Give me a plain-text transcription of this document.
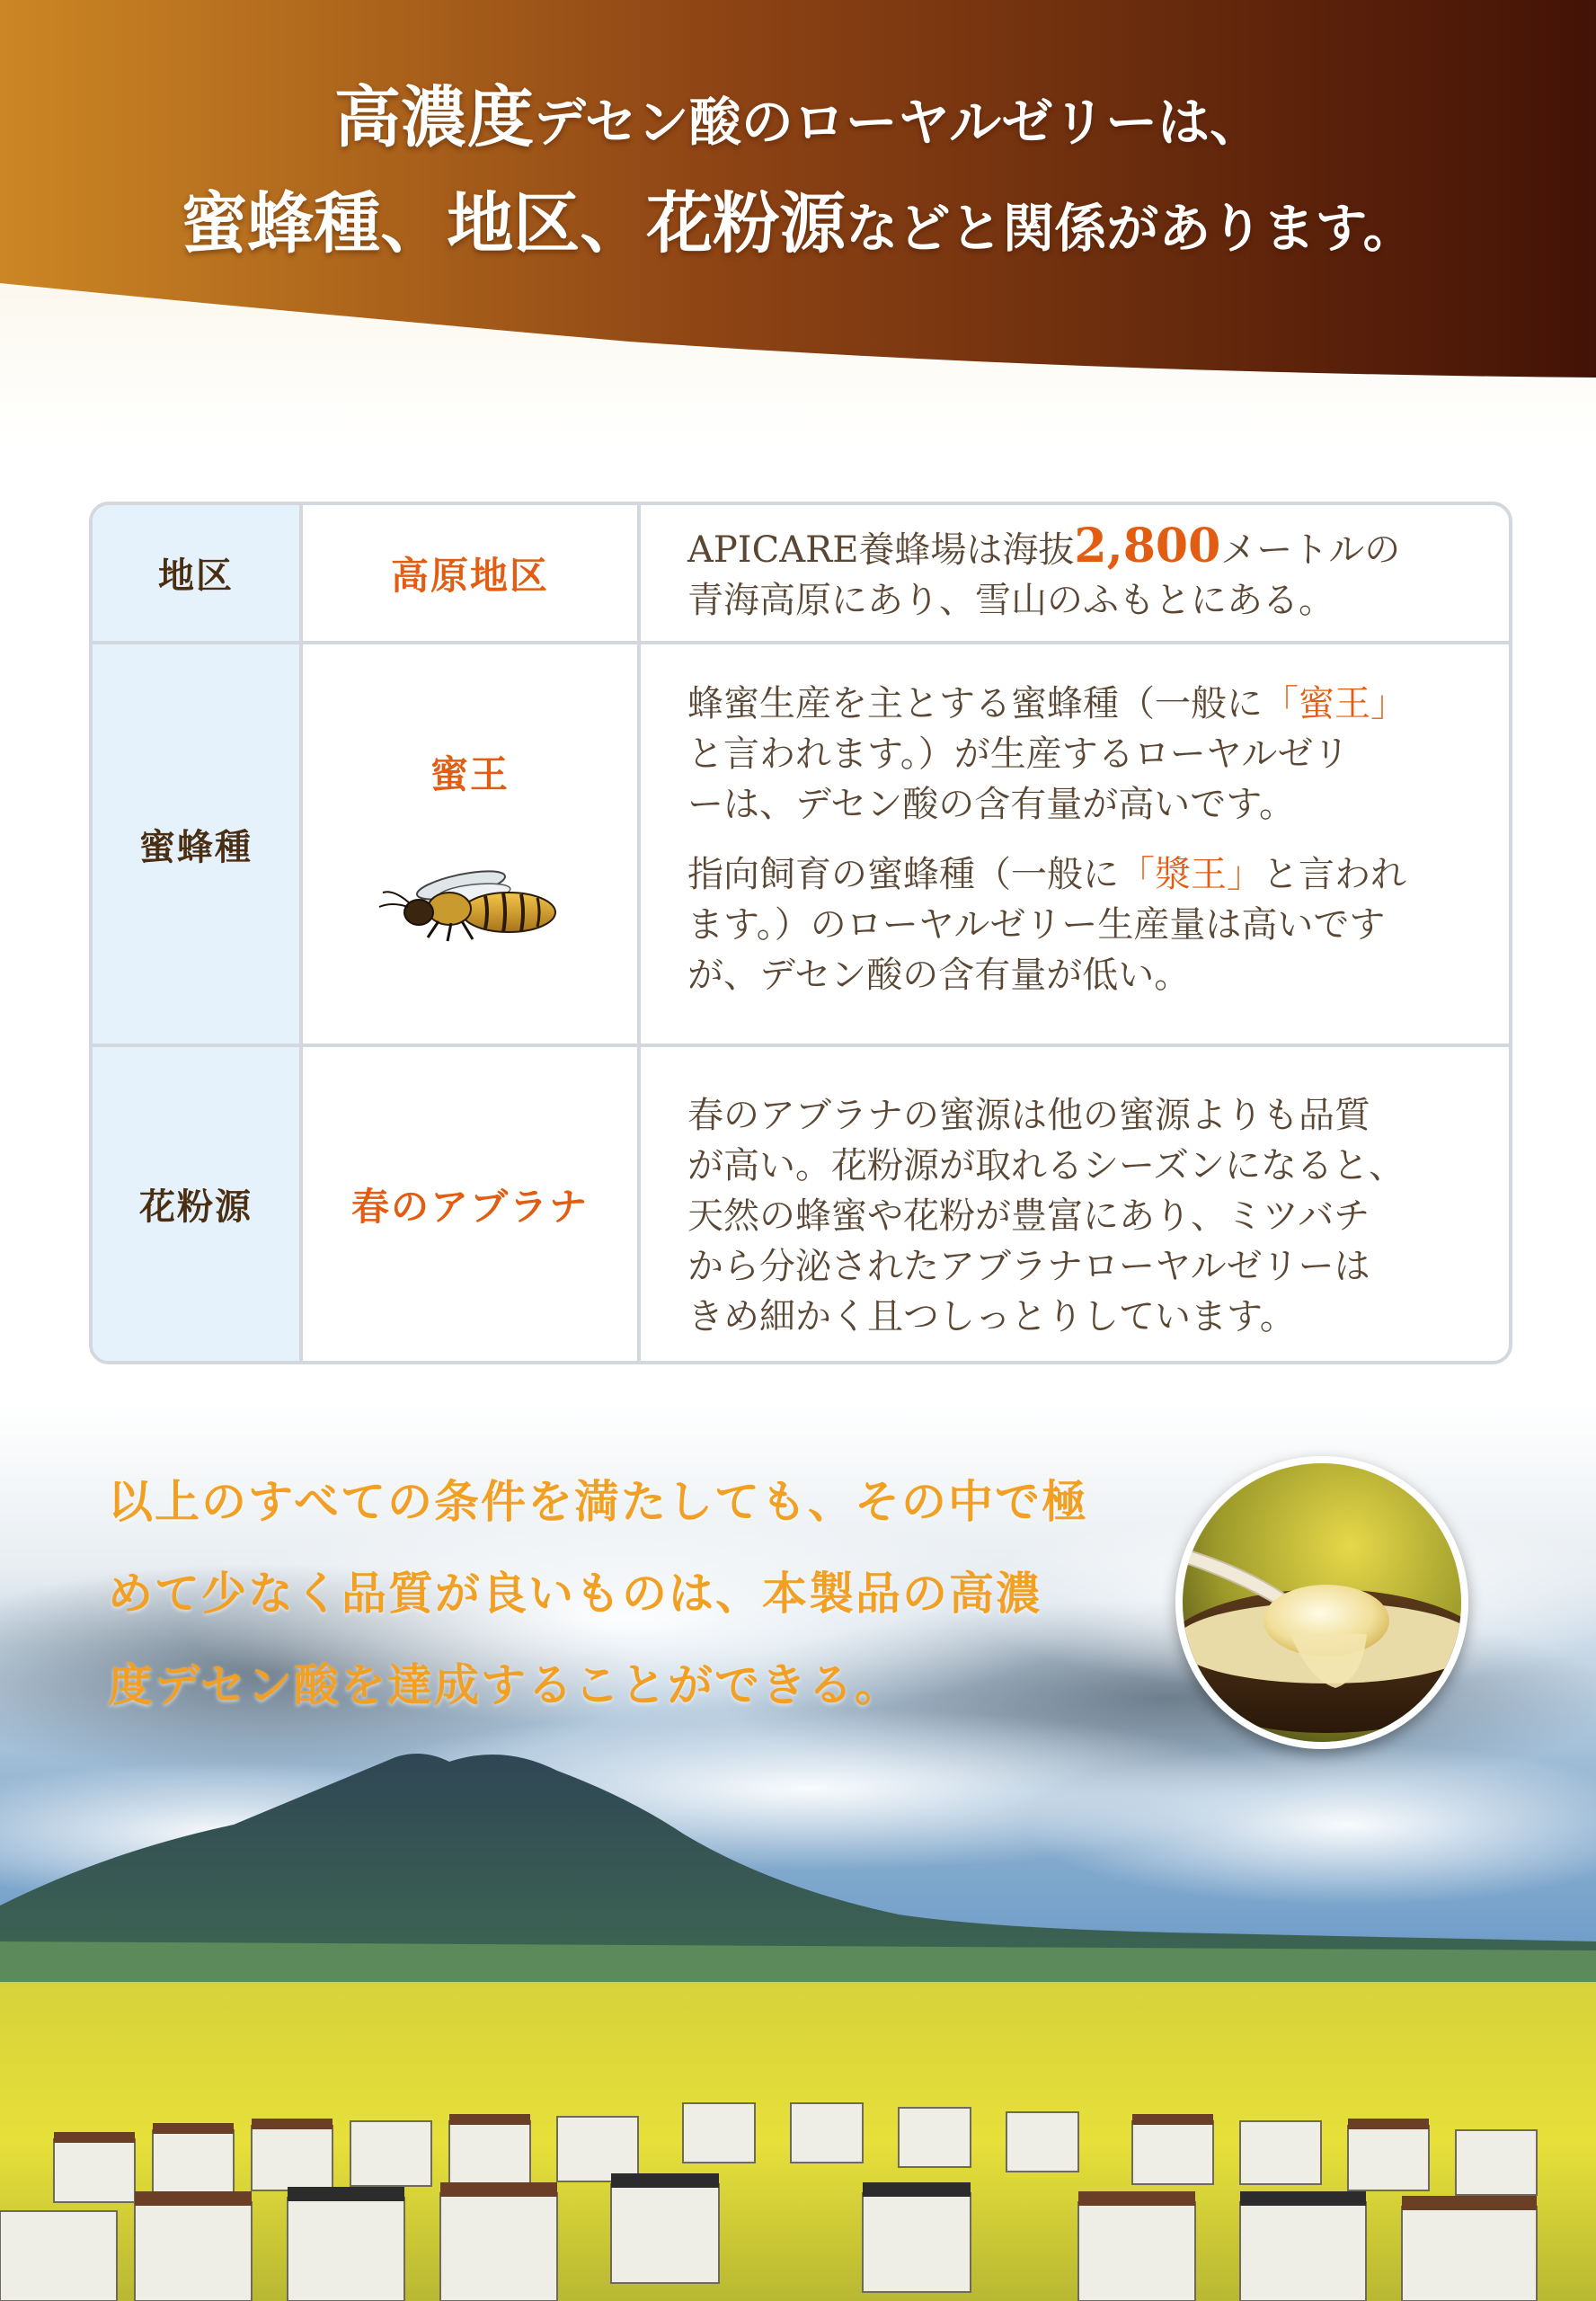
高濃度デセン酸のローヤルゼリーは、
蜜蜂種、地区、花粉源などと関係があります。
地区	高原地区
APICARE養蜂場は海抜2,800メートルの
青海高原にあり、雪山のふもとにある。
蜜蜂種
蜜王
蜂蜜生産を主とする蜜蜂種（一般に「蜜王」
と言われます。）が生産するローヤルゼリ
ーは、デセン酸の含有量が高いです。
指向飼育の蜜蜂種（一般に「漿王」と言われ
ます。）のローヤルゼリー生産量は高いです
が、デセン酸の含有量が低い。
花粉源	春のアブラナ
春のアブラナの蜜源は他の蜜源よりも品質
が高い。花粉源が取れるシーズンになると、
天然の蜂蜜や花粉が豊富にあり、ミツバチ
から分泌されたアブラナローヤルゼリーは
きめ細かく且つしっとりしています。
以上のすべての条件を満たしても、その中で極
めて少なく品質が良いものは、本製品の高濃
度デセン酸を達成することができる。
